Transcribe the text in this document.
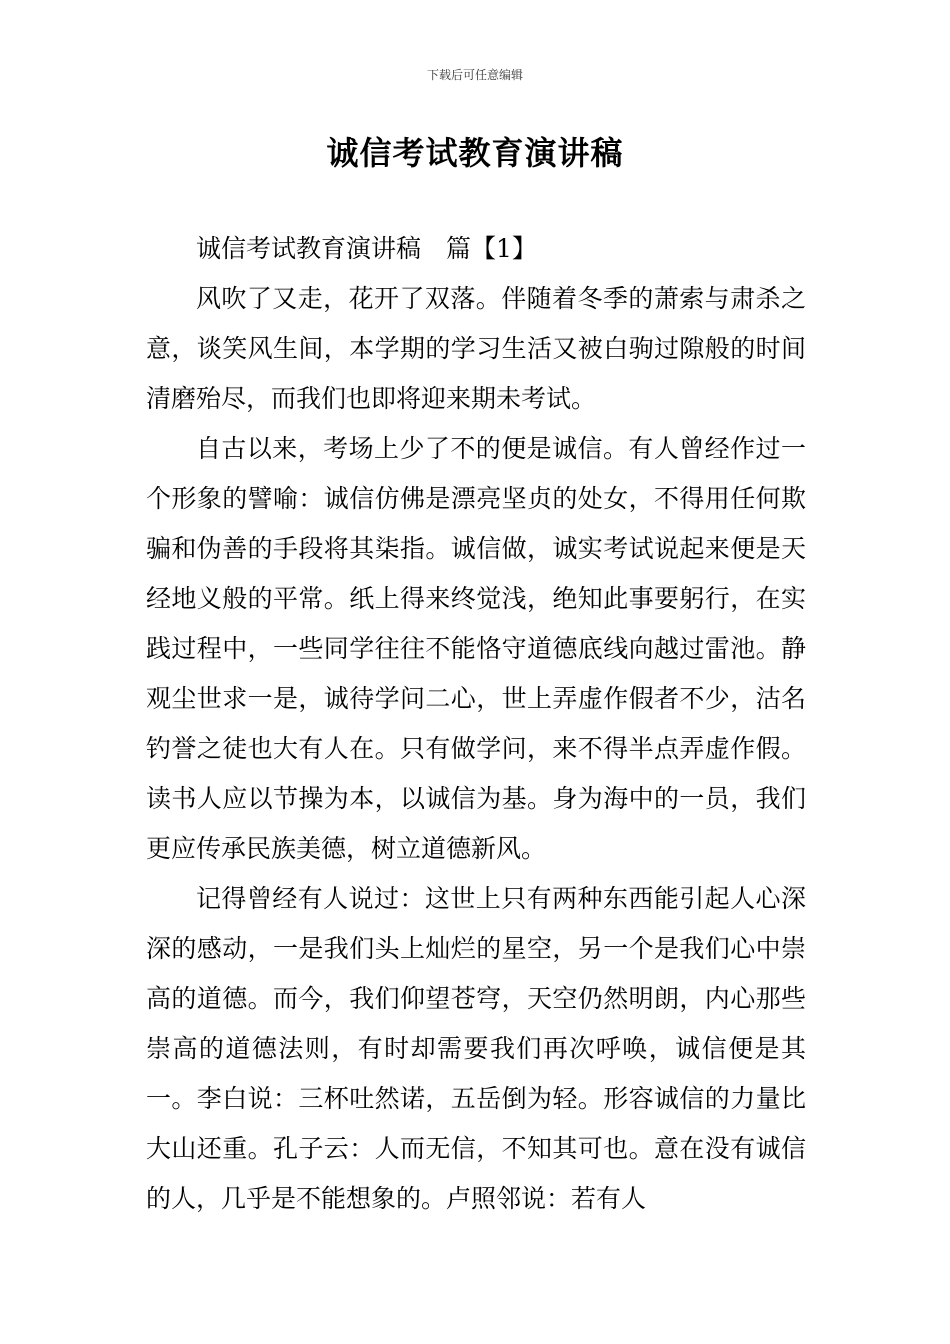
下载后可任意编辑
诚信考试教育演讲稿

诚信考试教育演讲稿　篇【1】

风吹了又走，花开了双落。伴随着冬季的萧索与肃杀之意，谈笑风生间，本学期的学习生活又被白驹过隙般的时间清磨殆尽，而我们也即将迎来期未考试。

自古以来，考场上少了不的便是诚信。有人曾经作过一个形象的譬喻：诚信仿佛是漂亮坚贞的处女，不得用任何欺骗和伪善的手段将其柒指。诚信做，诚实考试说起来便是天经地义般的平常。纸上得来终觉浅，绝知此事要躬行，在实践过程中，一些同学往往不能恪守道德底线向越过雷池。静观尘世求一是，诚待学问二心，世上弄虚作假者不少，沽名钓誉之徒也大有人在。只有做学问，来不得半点弄虚作假。读书人应以节操为本，以诚信为基。身为海中的一员，我们更应传承民族美德，树立道德新风。

记得曾经有人说过：这世上只有两种东西能引起人心深深的感动，一是我们头上灿烂的星空，另一个是我们心中崇高的道德。而今，我们仰望苍穹，天空仍然明朗，内心那些崇高的道德法则，有时却需要我们再次呼唤，诚信便是其一。李白说：三杯吐然诺，五岳倒为轻。形容诚信的力量比大山还重。孔子云：人而无信，不知其可也。意在没有诚信的人，几乎是不能想象的。卢照邻说：若有人
